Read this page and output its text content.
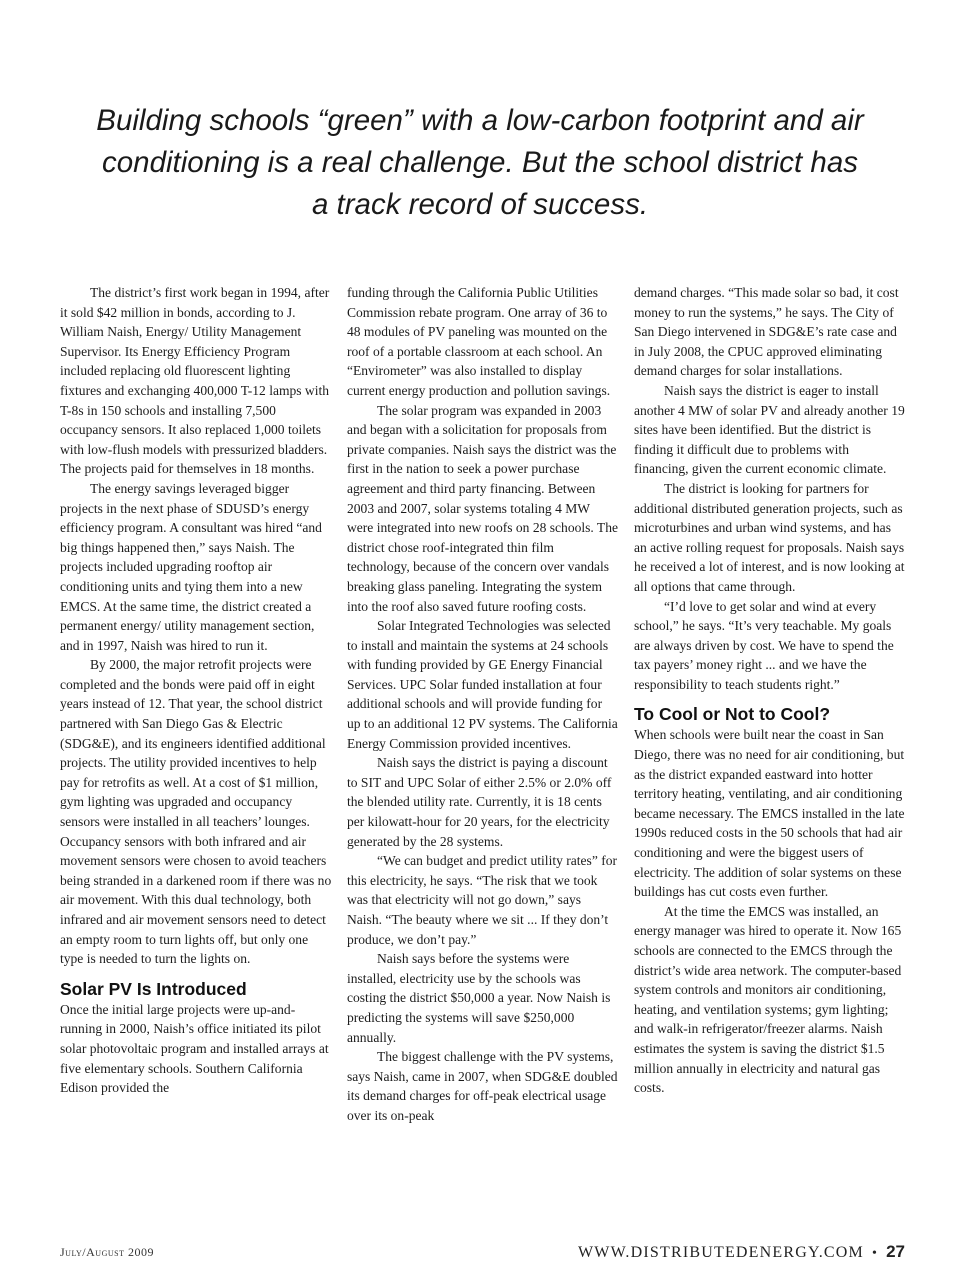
Building schools “green” with a low-carbon footprint and air
conditioning is a real challenge. But the school district has
a track record of success.

The district’s first work began in 1994, after it sold $42 million in bonds, according to J. William Naish, Energy/ Utility Management Supervisor. Its Energy Efficiency Program included replacing old fluorescent lighting fixtures and exchanging 400,000 T-12 lamps with T-8s in 150 schools and installing 7,500 occupancy sensors. It also replaced 1,000 toilets with low-flush models with pressurized bladders. The projects paid for themselves in 18 months.

The energy savings leveraged bigger projects in the next phase of SDUSD’s energy efficiency program. A consultant was hired “and big things happened then,” says Naish. The projects included upgrading rooftop air conditioning units and tying them into a new EMCS. At the same time, the district created a permanent energy/ utility management section, and in 1997, Naish was hired to run it.

By 2000, the major retrofit projects were completed and the bonds were paid off in eight years instead of 12. That year, the school district partnered with San Diego Gas & Electric (SDG&E), and its engineers identified additional projects. The utility provided incentives to help pay for retrofits as well. At a cost of $1 million, gym lighting was upgraded and occupancy sensors were installed in all teachers’ lounges. Occupancy sensors with both infrared and air movement sensors were chosen to avoid teachers being stranded in a darkened room if there was no air movement. With this dual technology, both infrared and air movement sensors need to detect an empty room to turn lights off, but only one type is needed to turn the lights on.

Solar PV Is Introduced

Once the initial large projects were up-and-running in 2000, Naish’s office initiated its pilot solar photovoltaic program and installed arrays at five elementary schools. Southern California Edison provided the

funding through the California Public Utilities Commission rebate program. One array of 36 to 48 modules of PV paneling was mounted on the roof of a portable classroom at each school. An “Envirometer” was also installed to display current energy production and pollution savings.

The solar program was expanded in 2003 and began with a solicitation for proposals from private companies. Naish says the district was the first in the nation to seek a power purchase agreement and third party financing. Between 2003 and 2007, solar systems totaling 4 MW were integrated into new roofs on 28 schools. The district chose roof-integrated thin film technology, because of the concern over vandals breaking glass paneling. Integrating the system into the roof also saved future roofing costs.

Solar Integrated Technologies was selected to install and maintain the systems at 24 schools with funding provided by GE Energy Financial Services. UPC Solar funded installation at four additional schools and will provide funding for up to an additional 12 PV systems. The California Energy Commission provided incentives.

Naish says the district is paying a discount to SIT and UPC Solar of either 2.5% or 2.0% off the blended utility rate. Currently, it is 18 cents per kilowatt-hour for 20 years, for the electricity generated by the 28 systems.

“We can budget and predict utility rates” for this electricity, he says. “The risk that we took was that electricity will not go down,” says Naish. “The beauty where we sit ... If they don’t produce, we don’t pay.”

Naish says before the systems were installed, electricity use by the schools was costing the district $50,000 a year. Now Naish is predicting the systems will save $250,000 annually.

The biggest challenge with the PV systems, says Naish, came in 2007, when SDG&E doubled its demand charges for off-peak electrical usage over its on-peak

demand charges. “This made solar so bad, it cost money to run the systems,” he says. The City of San Diego intervened in SDG&E’s rate case and in July 2008, the CPUC approved eliminating demand charges for solar installations.

Naish says the district is eager to install another 4 MW of solar PV and already another 19 sites have been identified. But the district is finding it difficult due to problems with financing, given the current economic climate.

The district is looking for partners for additional distributed generation projects, such as microturbines and urban wind systems, and has an active rolling request for proposals. Naish says he received a lot of interest, and is now looking at all options that came through.

“I’d love to get solar and wind at every school,” he says. “It’s very teachable. My goals are always driven by cost. We have to spend the tax payers’ money right ... and we have the responsibility to teach students right.”

To Cool or Not to Cool?

When schools were built near the coast in San Diego, there was no need for air conditioning, but as the district expanded eastward into hotter territory heating, ventilating, and air conditioning became necessary. The EMCS installed in the late 1990s reduced costs in the 50 schools that had air conditioning and were the biggest users of electricity. The addition of solar systems on these buildings has cut costs even further.

At the time the EMCS was installed, an energy manager was hired to operate it. Now 165 schools are connected to the EMCS through the district’s wide area network. The computer-based system controls and monitors air conditioning, heating, and ventilation systems; gym lighting; and walk-in refrigerator/freezer alarms. Naish estimates the system is saving the district $1.5 million annually in electricity and natural gas costs.

July/August 2009	WWW.DISTRIBUTEDENERGY.COM • 27
